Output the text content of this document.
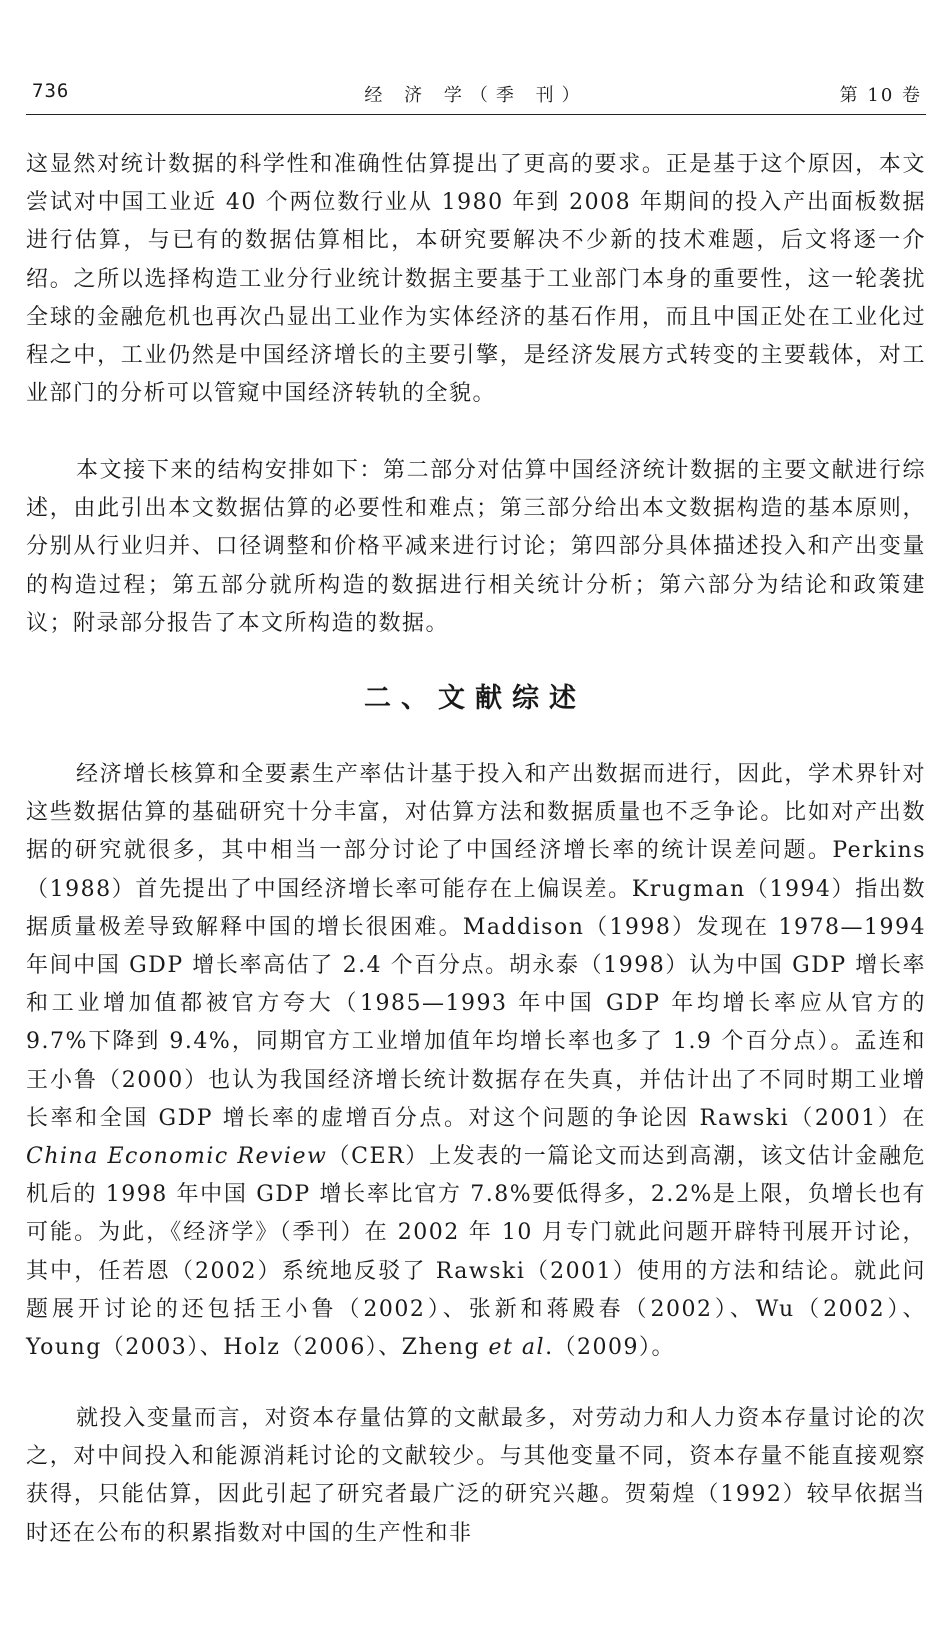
736	经 济 学（季 刊）	第 10 卷

这显然对统计数据的科学性和准确性估算提出了更高的要求。正是基于这个原因，本文尝试对中国工业近 40 个两位数行业从 1980 年到 2008 年期间的投入产出面板数据进行估算，与已有的数据估算相比，本研究要解决不少新的技术难题，后文将逐一介绍。之所以选择构造工业分行业统计数据主要基于工业部门本身的重要性，这一轮袭扰全球的金融危机也再次凸显出工业作为实体经济的基石作用，而且中国正处在工业化过程之中，工业仍然是中国经济增长的主要引擎，是经济发展方式转变的主要载体，对工业部门的分析可以管窥中国经济转轨的全貌。

本文接下来的结构安排如下：第二部分对估算中国经济统计数据的主要文献进行综述，由此引出本文数据估算的必要性和难点；第三部分给出本文数据构造的基本原则，分别从行业归并、口径调整和价格平减来进行讨论；第四部分具体描述投入和产出变量的构造过程；第五部分就所构造的数据进行相关统计分析；第六部分为结论和政策建议；附录部分报告了本文所构造的数据。

二、文献综述

经济增长核算和全要素生产率估计基于投入和产出数据而进行，因此，学术界针对这些数据估算的基础研究十分丰富，对估算方法和数据质量也不乏争论。比如对产出数据的研究就很多，其中相当一部分讨论了中国经济增长率的统计误差问题。Perkins（1988）首先提出了中国经济增长率可能存在上偏误差。Krugman（1994）指出数据质量极差导致解释中国的增长很困难。Maddison（1998）发现在 1978—1994 年间中国 GDP 增长率高估了 2.4 个百分点。胡永泰（1998）认为中国 GDP 增长率和工业增加值都被官方夸大（1985—1993 年中国 GDP 年均增长率应从官方的 9.7%下降到 9.4%，同期官方工业增加值年均增长率也多了 1.9 个百分点）。孟连和王小鲁（2000）也认为我国经济增长统计数据存在失真，并估计出了不同时期工业增长率和全国 GDP 增长率的虚增百分点。对这个问题的争论因 Rawski（2001）在 China Economic Review（CER）上发表的一篇论文而达到高潮，该文估计金融危机后的 1998 年中国 GDP 增长率比官方 7.8%要低得多，2.2%是上限，负增长也有可能。为此，《经济学》（季刊）在 2002 年 10 月专门就此问题开辟特刊展开讨论，其中，任若恩（2002）系统地反驳了 Rawski（2001）使用的方法和结论。就此问题展开讨论的还包括王小鲁（2002）、张新和蒋殿春（2002）、Wu（2002）、Young（2003）、Holz（2006）、Zheng et al.（2009）。

就投入变量而言，对资本存量估算的文献最多，对劳动力和人力资本存量讨论的次之，对中间投入和能源消耗讨论的文献较少。与其他变量不同，资本存量不能直接观察获得，只能估算，因此引起了研究者最广泛的研究兴趣。贺菊煌（1992）较早依据当时还在公布的积累指数对中国的生产性和非
